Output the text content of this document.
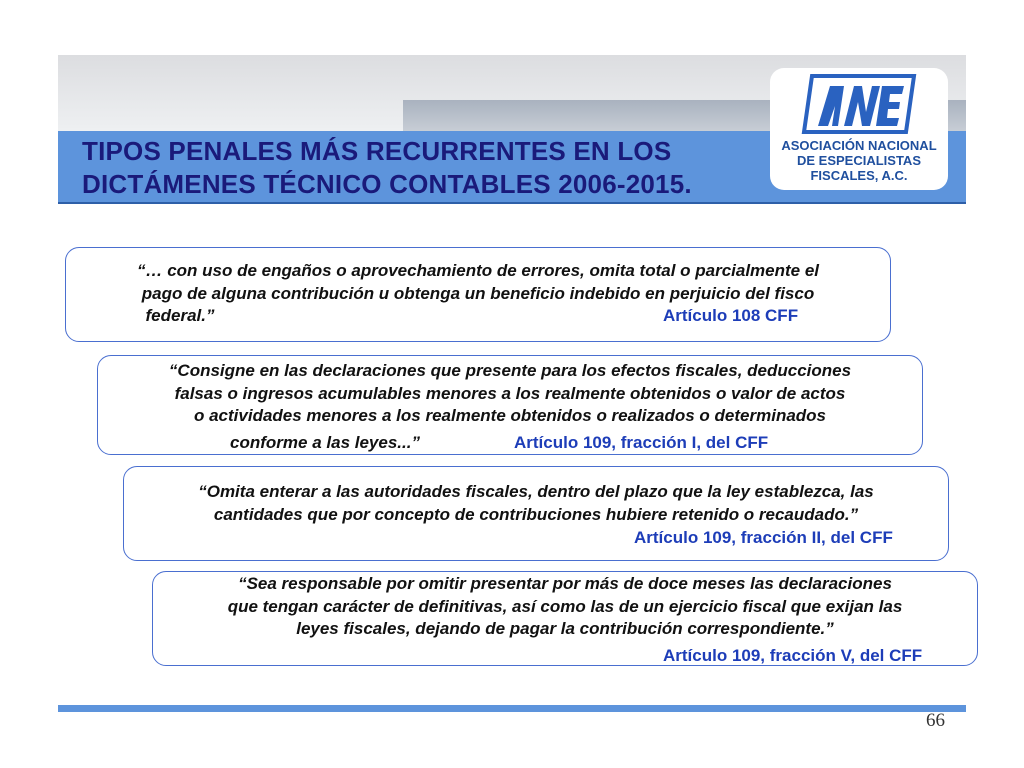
TIPOS PENALES MÁS RECURRENTES EN LOS
DICTÁMENES TÉCNICO CONTABLES 2006-2015.
ASOCIACIÓN NACIONAL
DE ESPECIALISTAS
FISCALES, A.C.
“… con uso de engaños o aprovechamiento de errores, omita total o parcialmente el
pago de alguna contribución u obtenga un beneficio indebido en perjuicio del fisco
federal.”	Artículo 108 CFF
“Consigne en las declaraciones que presente para los efectos fiscales, deducciones
falsas o ingresos acumulables menores a los realmente obtenidos o valor de actos
o actividades menores a los realmente obtenidos o realizados o determinados
conforme a las leyes...”	Artículo 109, fracción I, del CFF
“Omita enterar a las autoridades fiscales, dentro del plazo que la ley establezca, las
cantidades que por concepto de contribuciones hubiere retenido o recaudado.”
Artículo 109, fracción II, del CFF
“Sea responsable por omitir presentar por más de doce meses las declaraciones
que tengan carácter de definitivas, así como las de un ejercicio fiscal que exijan las
leyes fiscales, dejando de pagar la contribución correspondiente.”
Artículo 109, fracción V, del CFF
66
